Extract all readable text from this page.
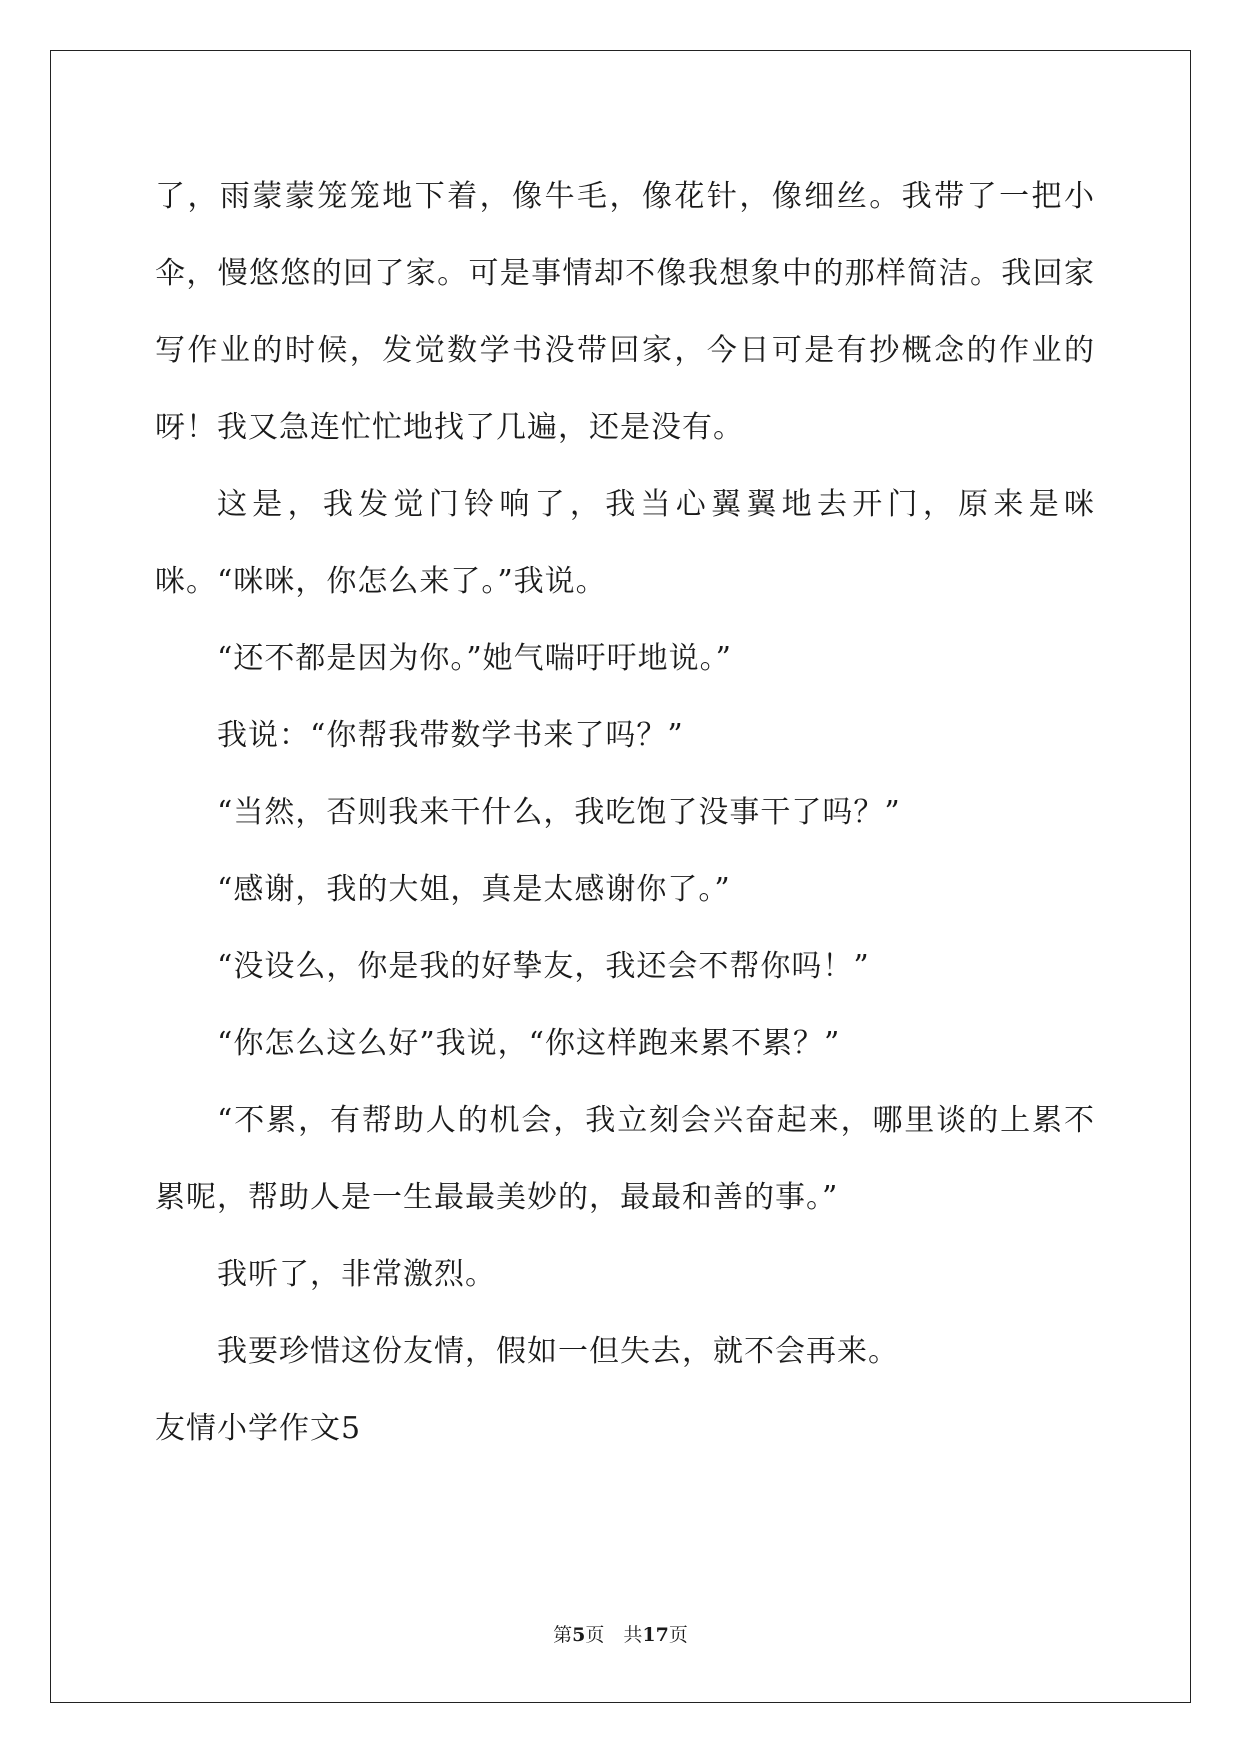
了，雨蒙蒙笼笼地下着，像牛毛，像花针，像细丝。我带了一把小伞，慢悠悠的回了家。可是事情却不像我想象中的那样简洁。我回家写作业的时候，发觉数学书没带回家，今日可是有抄概念的作业的呀！我又急连忙忙地找了几遍，还是没有。

这是，我发觉门铃响了，我当心翼翼地去开门，原来是咪咪。“咪咪，你怎么来了。”我说。

“还不都是因为你。”她气喘吁吁地说。”

我说：“你帮我带数学书来了吗？”

“当然，否则我来干什么，我吃饱了没事干了吗？”

“感谢，我的大姐，真是太感谢你了。”

“没设么，你是我的好挚友，我还会不帮你吗！”

“你怎么这么好”我说，“你这样跑来累不累？”

“不累，有帮助人的机会，我立刻会兴奋起来，哪里谈的上累不累呢，帮助人是一生最最美妙的，最最和善的事。”

我听了，非常激烈。

我要珍惜这份友情，假如一但失去，就不会再来。

友情小学作文5

第5页　共17页
